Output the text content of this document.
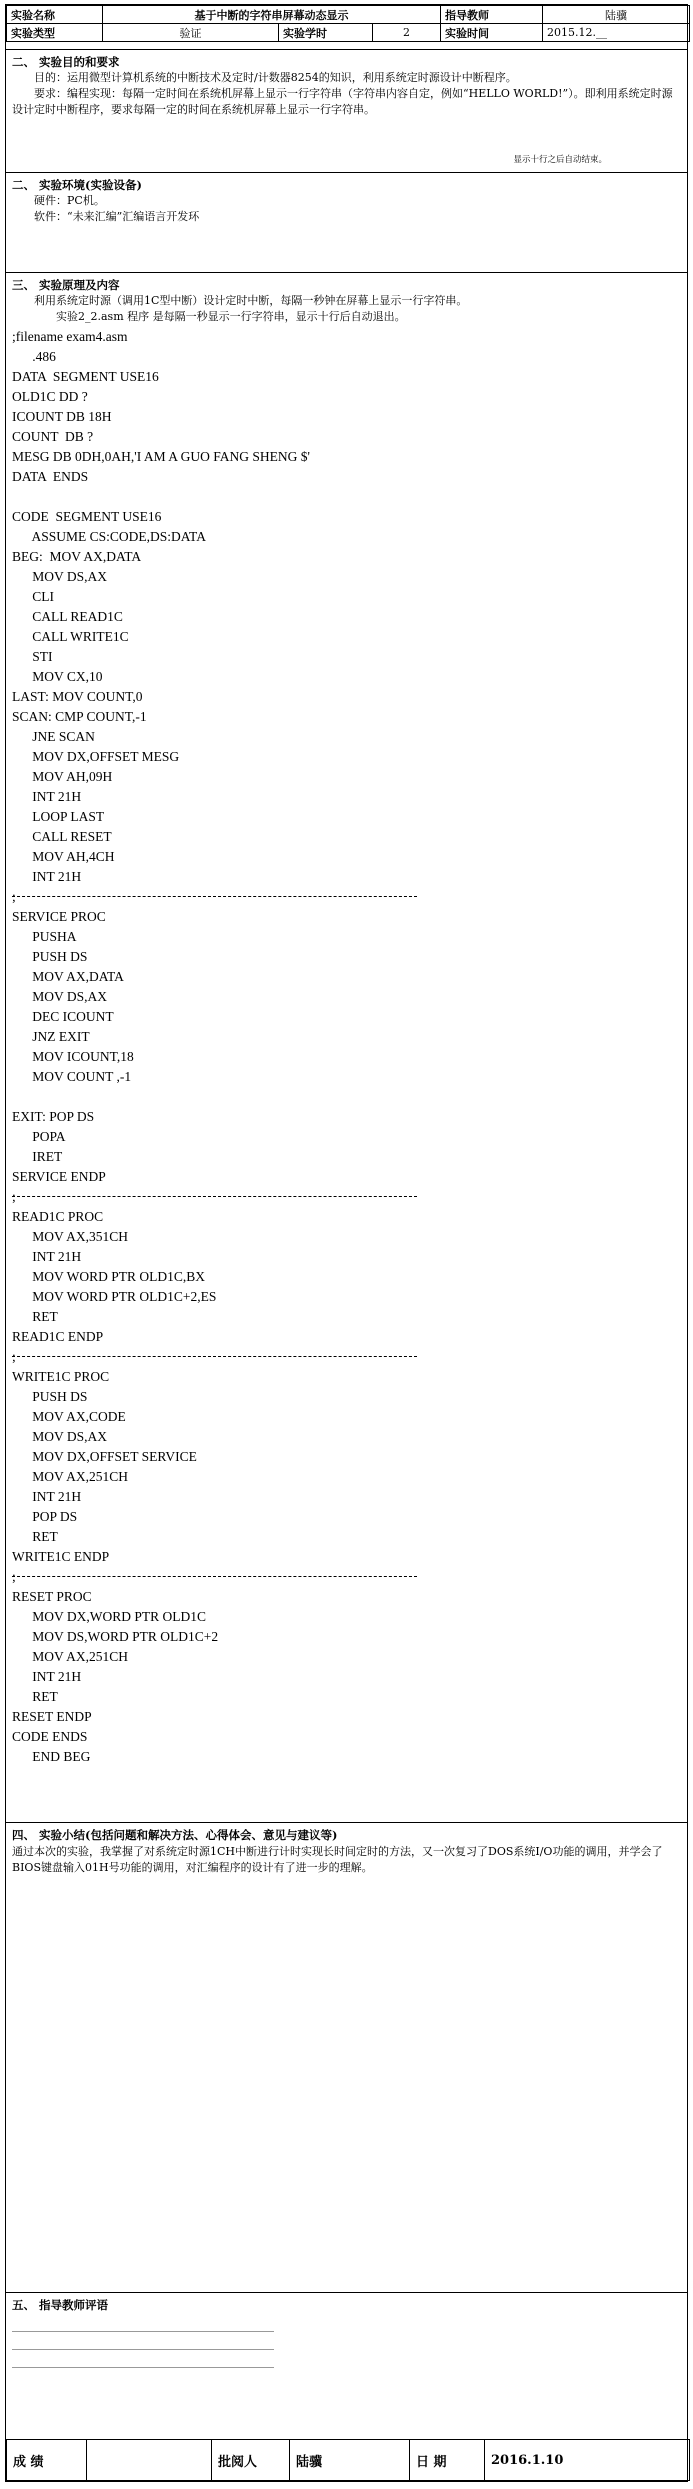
实验名称	基于中断的字符串屏幕动态显示			指导教师	陆骥
实验类型	验证	实验学时	2	实验时间	2015.12.__
二、 实验目的和要求
目的：运用微型计算机系统的中断技术及定时/计数器8254的知识，利用系统定时源设计中断程序。
要求：编程实现：每隔一定时间在系统机屏幕上显示一行字符串（字符串内容自定，例如“HELLO WORLD!”）。即利用系统定时源设计定时中断程序，要求每隔一定的时间在系统机屏幕上显示一行字符串。
显示十行之后自动结束。
二、 实验环境(实验设备)
硬件：PC机。
软件：“未来汇编”汇编语言开发环
三、 实验原理及内容
利用系统定时源（调用1C型中断）设计定时中断，每隔一秒钟在屏幕上显示一行字符串。
实验2_2.asm 程序 是每隔一秒显示一行字符串，显示十行后自动退出。
;filename exam4.asm
.486
DATA  SEGMENT USE16
OLD1C DD ?
ICOUNT DB 18H
COUNT  DB ?
MESG DB 0DH,0AH,'I AM A GUO FANG SHENG $'
DATA  ENDS
CODE  SEGMENT USE16
ASSUME CS:CODE,DS:DATA
BEG:  MOV AX,DATA
MOV DS,AX
CLI
CALL READ1C
CALL WRITE1C
STI
MOV CX,10
LAST: MOV COUNT,0
SCAN: CMP COUNT,-1
JNE SCAN
MOV DX,OFFSET MESG
MOV AH,09H
INT 21H
LOOP LAST
CALL RESET
MOV AH,4CH
INT 21H
;
SERVICE PROC
PUSHA
PUSH DS
MOV AX,DATA
MOV DS,AX
DEC ICOUNT
JNZ EXIT
MOV ICOUNT,18
MOV COUNT ,-1
EXIT: POP DS
POPA
IRET
SERVICE ENDP
;
READ1C PROC
MOV AX,351CH
INT 21H
MOV WORD PTR OLD1C,BX
MOV WORD PTR OLD1C+2,ES
RET
READ1C ENDP
;
WRITE1C PROC
PUSH DS
MOV AX,CODE
MOV DS,AX
MOV DX,OFFSET SERVICE
MOV AX,251CH
INT 21H
POP DS
RET
WRITE1C ENDP
;
RESET PROC
MOV DX,WORD PTR OLD1C
MOV DS,WORD PTR OLD1C+2
MOV AX,251CH
INT 21H
RET
RESET ENDP
CODE ENDS
END BEG
四、 实验小结(包括问题和解决方法、心得体会、意见与建议等)
通过本次的实验，我掌握了对系统定时源1CH中断进行计时实现长时间定时的方法，又一次复习了DOS系统I/O功能的调用，并学会了BIOS键盘输入01H号功能的调用，对汇编程序的设计有了进一步的理解。
五、 指导教师评语
成 绩		批阅人	陆骥	日 期	2016.1.10
